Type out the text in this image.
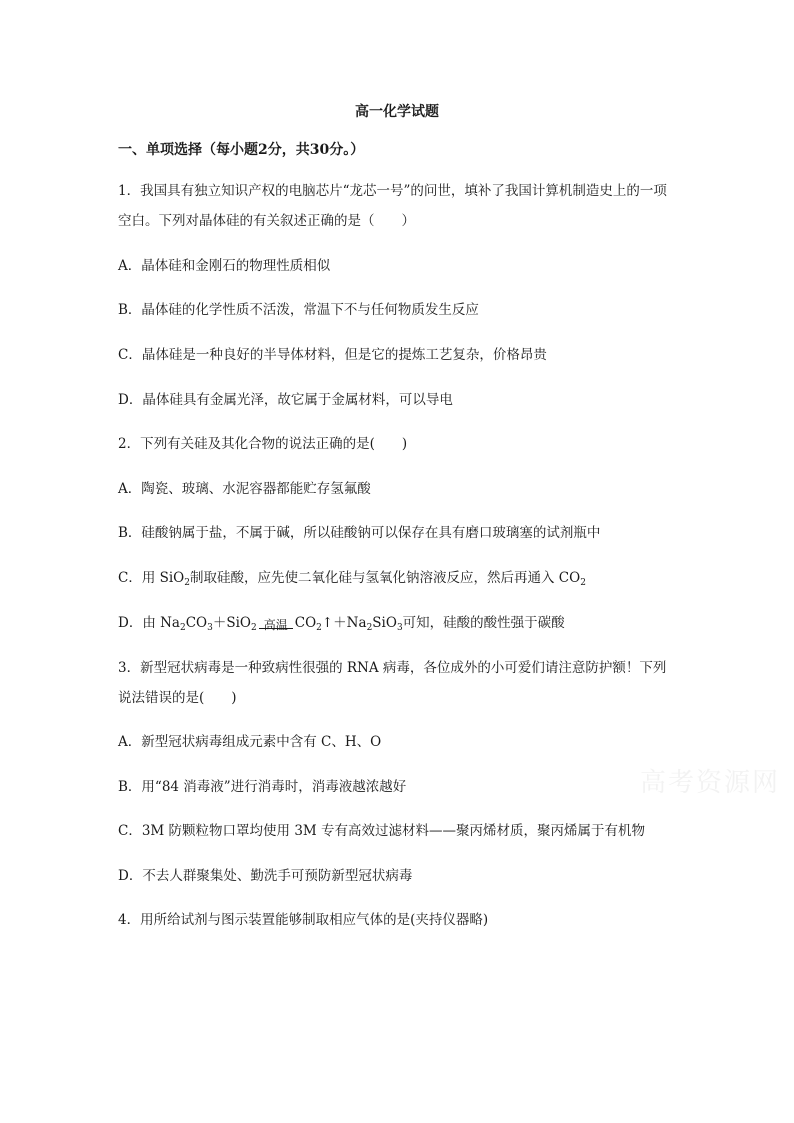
高一化学试题
一、单项选择（每小题2分，共30分。）
1．我国具有独立知识产权的电脑芯片“龙芯一号”的问世，填补了我国计算机制造史上的一项
空白。下列对晶体硅的有关叙述正确的是（　　）
A．晶体硅和金刚石的物理性质相似
B．晶体硅的化学性质不活泼，常温下不与任何物质发生反应
C．晶体硅是一种良好的半导体材料，但是它的提炼工艺复杂，价格昂贵
D．晶体硅具有金属光泽，故它属于金属材料，可以导电
2．下列有关硅及其化合物的说法正确的是(　　)
A．陶瓷、玻璃、水泥容器都能贮存氢氟酸
B．硅酸钠属于盐，不属于碱，所以硅酸钠可以保存在具有磨口玻璃塞的试剂瓶中
C．用 SiO$_2$制取硅酸，应先使二氧化硅与氢氧化钠溶液反应，然后再通入 $CO_2$
D．由 $Na_2CO_3+SiO_2$ 高温 $CO_2↑+Na_2SiO_3$可知，硅酸的酸性强于碳酸
3．新型冠状病毒是一种致病性很强的 RNA 病毒，各位成外的小可爱们请注意防护额！下列
说法错误的是(　　)
A．新型冠状病毒组成元素中含有 C、H、O
B．用“84 消毒液”进行消毒时，消毒液越浓越好
C．3M 防颗粒物口罩均使用 3M 专有高效过滤材料——聚丙烯材质，聚丙烯属于有机物
D．不去人群聚集处、勤洗手可预防新型冠状病毒
4．用所给试剂与图示装置能够制取相应气体的是(夹持仪器略)
高考资源网
